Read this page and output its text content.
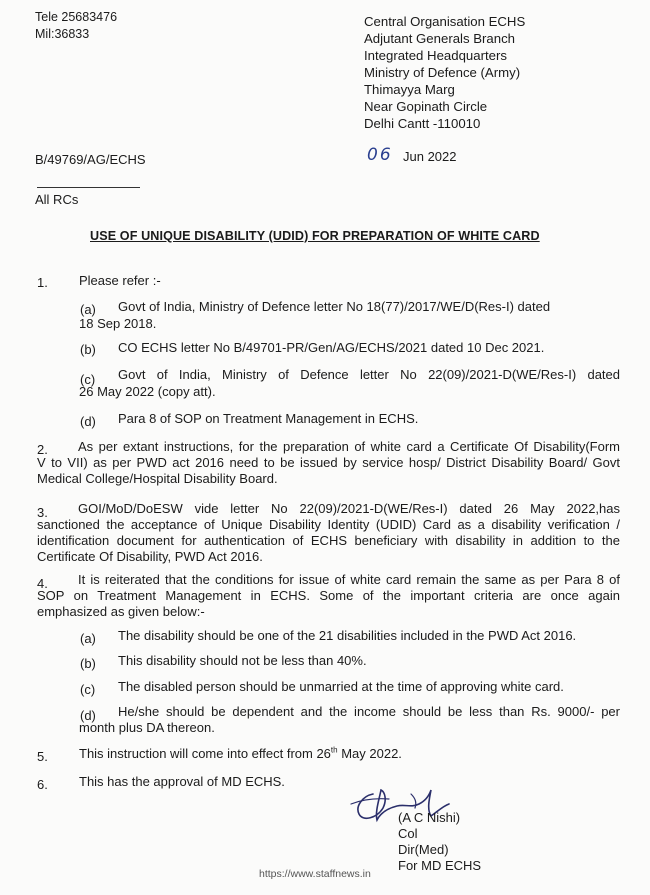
Tele 25683476
Mil:36833
Central Organisation ECHS
Adjutant Generals Branch
Integrated Headquarters
Ministry of Defence (Army)
Thimayya Marg
Near Gopinath Circle
Delhi Cantt -110010
B/49769/AG/ECHS	06 Jun 2022
All RCs
USE OF UNIQUE DISABILITY (UDID) FOR PREPARATION OF WHITE CARD
1. Please refer :-
(a) Govt of India, Ministry of Defence letter No 18(77)/2017/WE/D(Res-I) dated
18 Sep 2018.
(b) CO ECHS letter No B/49701-PR/Gen/AG/ECHS/2021 dated 10 Dec 2021.
(c) Govt of India, Ministry of Defence letter No 22(09)/2021-D(WE/Res-I) dated
26 May 2022 (copy att).
(d) Para 8 of SOP on Treatment Management in ECHS.
2. As per extant instructions, for the preparation of white card a Certificate Of Disability(Form
V to VII) as per PWD act 2016 need to be issued by service hosp/ District Disability Board/ Govt
Medical College/Hospital Disability Board.
3. GOI/MoD/DoESW vide letter No 22(09)/2021-D(WE/Res-I) dated 26 May 2022,has
sanctioned the acceptance of Unique Disability Identity (UDID) Card as a disability verification /
identification document for authentication of ECHS beneficiary with disability in addition to the
Certificate Of Disability, PWD Act 2016.
4. It is reiterated that the conditions for issue of white card remain the same as per Para 8 of
SOP on Treatment Management in ECHS. Some of the important criteria are once again
emphasized as given below:-
(a) The disability should be one of the 21 disabilities included in the PWD Act 2016.
(b) This disability should not be less than 40%.
(c) The disabled person should be unmarried at the time of approving white card.
(d) He/she should be dependent and the income should be less than Rs. 9000/- per
month plus DA thereon.
5. This instruction will come into effect from 26th May 2022.
6. This has the approval of MD ECHS.
(A C Nishi)
Col
Dir(Med)
For MD ECHS
https://www.staffnews.in
